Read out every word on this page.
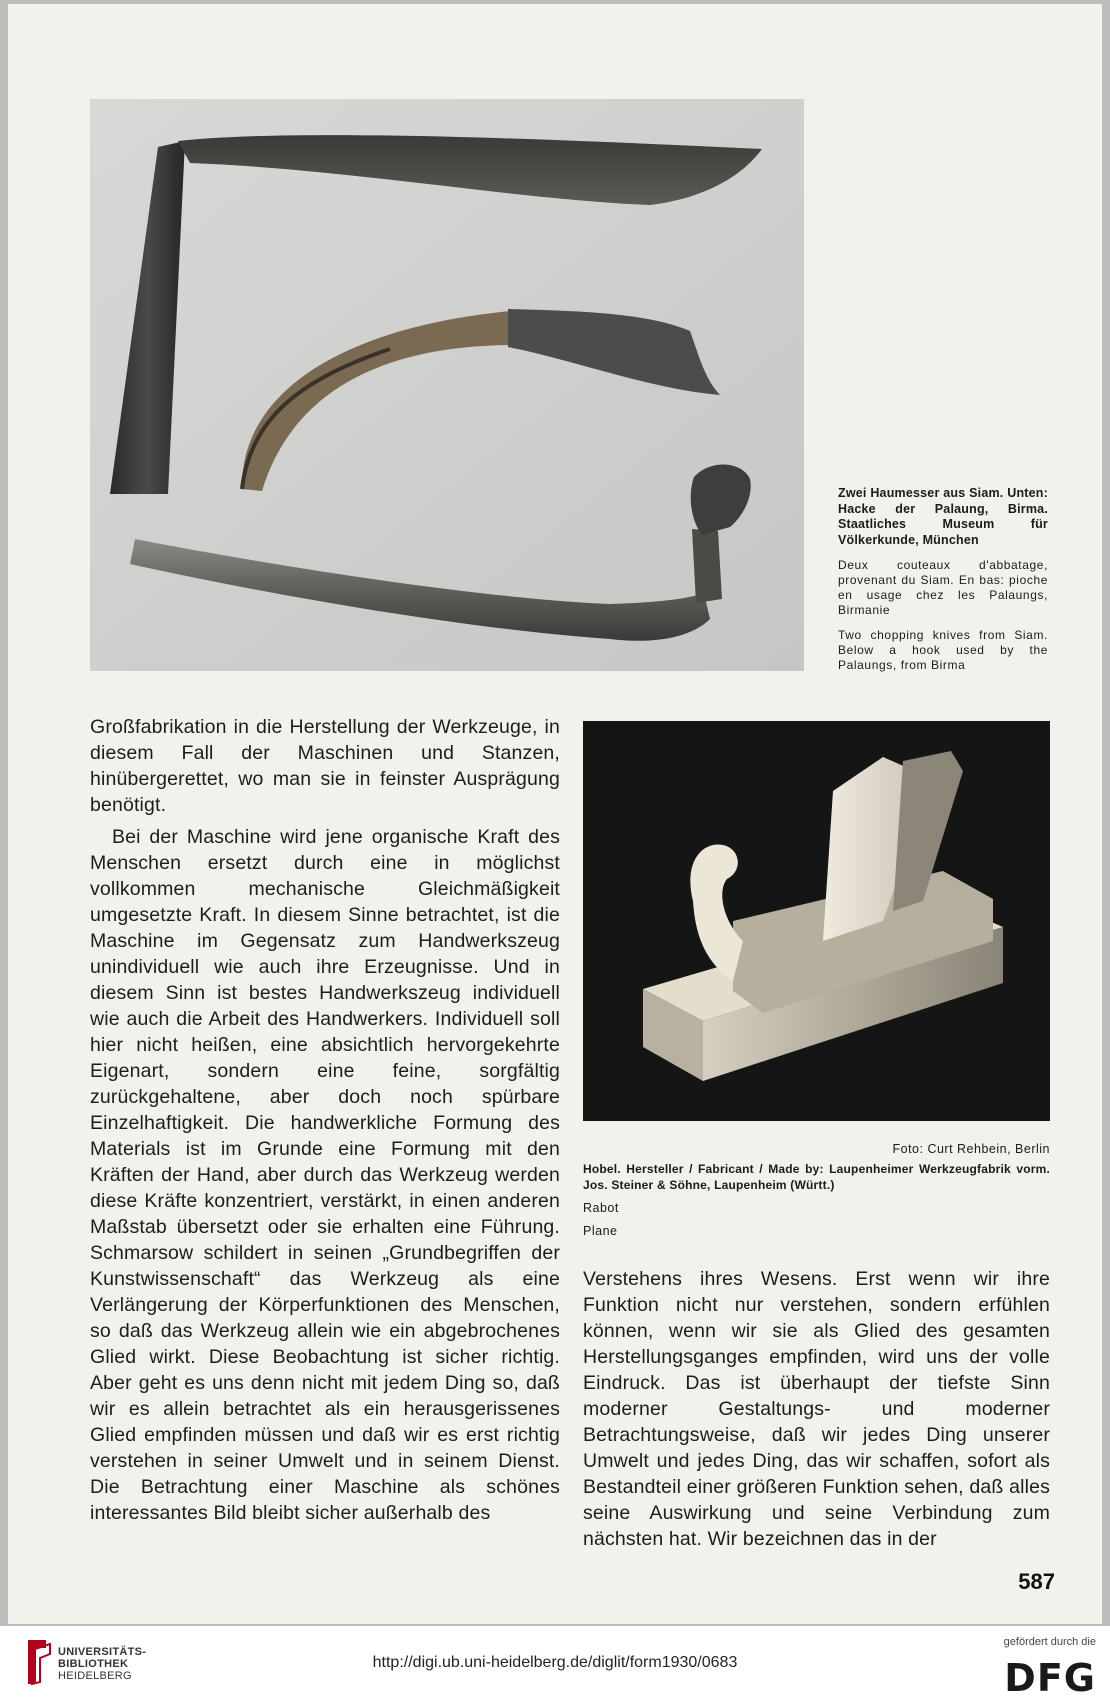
Zwei Haumesser aus Siam. Unten: Hacke der Palaung, Birma. Staatliches Museum für Völkerkunde, München
Deux couteaux d'abbatage, provenant du Siam. En bas: pioche en usage chez les Palaungs, Birmanie
Two chopping knives from Siam. Below a hook used by the Palaungs, from Birma

Großfabrikation in die Herstellung der Werkzeuge, in diesem Fall der Maschinen und Stanzen, hinübergerettet, wo man sie in feinster Ausprägung benötigt.

Bei der Maschine wird jene organische Kraft des Menschen ersetzt durch eine in möglichst vollkommen mechanische Gleichmäßigkeit umgesetzte Kraft. In diesem Sinne betrachtet, ist die Maschine im Gegensatz zum Handwerkszeug unindividuell wie auch ihre Erzeugnisse. Und in diesem Sinn ist bestes Handwerkszeug individuell wie auch die Arbeit des Handwerkers. Individuell soll hier nicht heißen, eine absichtlich hervorgekehrte Eigenart, sondern eine feine, sorgfältig zurückgehaltene, aber doch noch spürbare Einzelhaftigkeit. Die handwerkliche Formung des Materials ist im Grunde eine Formung mit den Kräften der Hand, aber durch das Werkzeug werden diese Kräfte konzentriert, verstärkt, in einen anderen Maßstab übersetzt oder sie erhalten eine Führung. Schmarsow schildert in seinen „Grundbegriffen der Kunstwissenschaft“ das Werkzeug als eine Verlängerung der Körperfunktionen des Menschen, so daß das Werkzeug allein wie ein abgebrochenes Glied wirkt. Diese Beobachtung ist sicher richtig. Aber geht es uns denn nicht mit jedem Ding so, daß wir es allein betrachtet als ein herausgerissenes Glied empfinden müssen und daß wir es erst richtig verstehen in seiner Umwelt und in seinem Dienst. Die Betrachtung einer Maschine als schönes interessantes Bild bleibt sicher außerhalb des

Foto: Curt Rehbein, Berlin
Hobel. Hersteller / Fabricant / Made by: Laupenheimer Werkzeugfabrik vorm. Jos. Steiner & Söhne, Laupenheim (Württ.)
Rabot
Plane

Verstehens ihres Wesens. Erst wenn wir ihre Funktion nicht nur verstehen, sondern erfühlen können, wenn wir sie als Glied des gesamten Herstellungsganges empfinden, wird uns der volle Eindruck. Das ist überhaupt der tiefste Sinn moderner Gestaltungs- und moderner Betrachtungsweise, daß wir jedes Ding unserer Umwelt und jedes Ding, das wir schaffen, sofort als Bestandteil einer größeren Funktion sehen, daß alles seine Auswirkung und seine Verbindung zum nächsten hat. Wir bezeichnen das in der

587
UNIVERSITÄTS-
BIBLIOTHEK
HEIDELBERG
http://digi.ub.uni-heidelberg.de/diglit/form1930/0683
gefördert durch die
DFG
